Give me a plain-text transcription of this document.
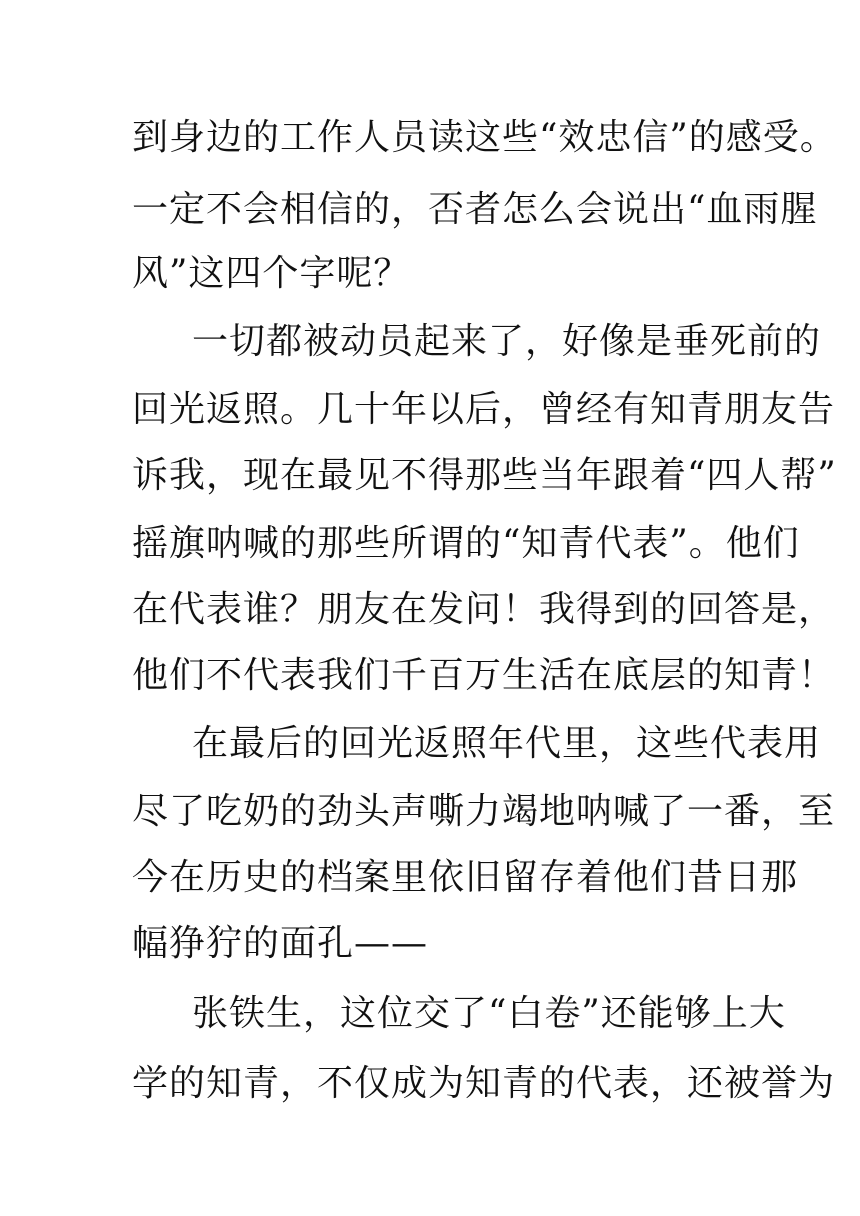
到身边的工作人员读这些“效忠信”的感受。
一定不会相信的，否者怎么会说出“血雨腥
风”这四个字呢？
一切都被动员起来了，好像是垂死前的
回光返照。几十年以后，曾经有知青朋友告
诉我，现在最见不得那些当年跟着“四人帮”
摇旗呐喊的那些所谓的“知青代表”。他们
在代表谁？朋友在发问！我得到的回答是，
他们不代表我们千百万生活在底层的知青！
在最后的回光返照年代里，这些代表用
尽了吃奶的劲头声嘶力竭地呐喊了一番，至
今在历史的档案里依旧留存着他们昔日那
幅狰狞的面孔——
张铁生，这位交了“白卷”还能够上大
学的知青，不仅成为知青的代表，还被誉为
